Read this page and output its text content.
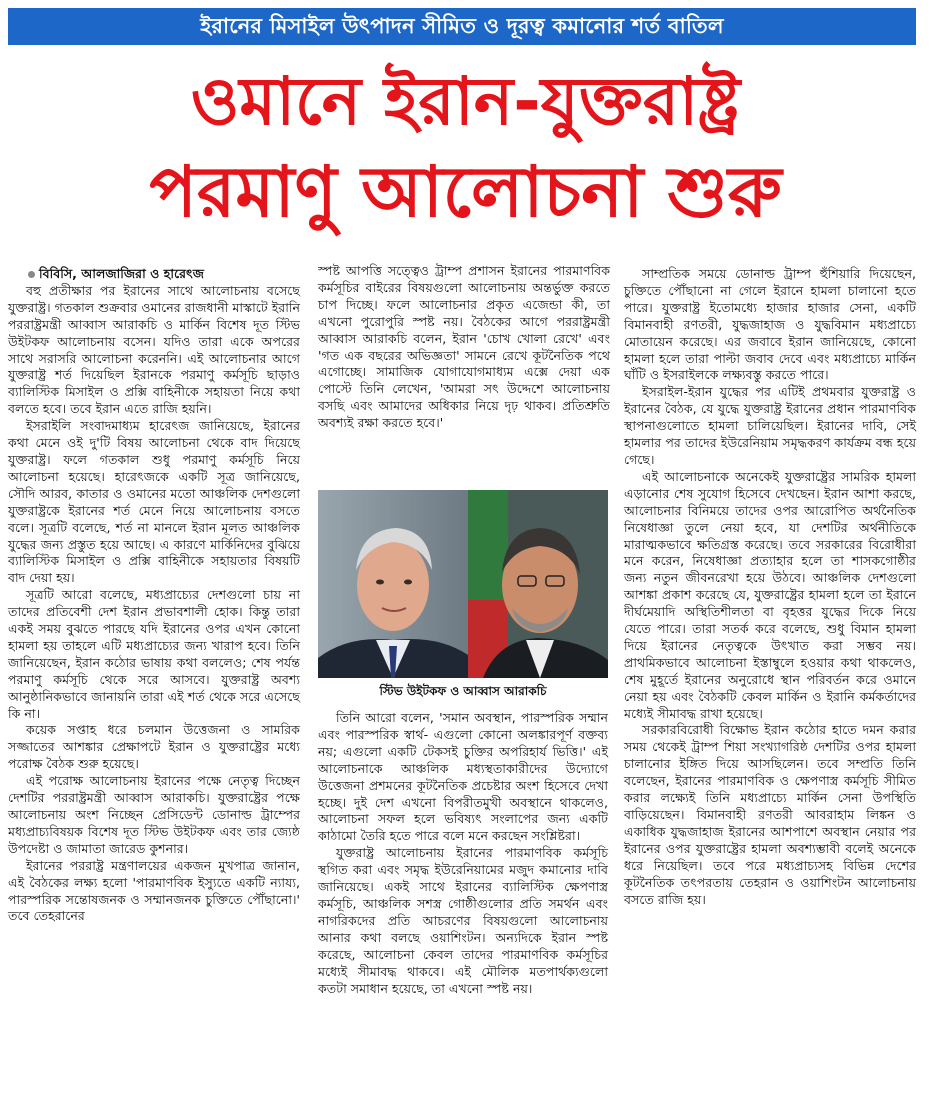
ইরানের মিসাইল উৎপাদন সীমিত ও দূরত্ব কমানোর শর্ত বাতিল
ওমানে ইরান-যুক্তরাষ্ট্র
পরমাণু আলোচনা শুরু

বিবিসি, আলজাজিরা ও হারেৎজ

বহু প্রতীক্ষার পর ইরানের সাথে আলোচনায় বসেছে যুক্তরাষ্ট্র। গতকাল শুক্রবার ওমানের রাজধানী মাস্কাটে ইরানি পররাষ্ট্রমন্ত্রী আব্বাস আরাকচি ও মার্কিন বিশেষ দূত স্টিভ উইটকফ আলোচনায় বসেন। যদিও তারা একে অপরের সাথে সরাসরি আলোচনা করেননি। এই আলোচনার আগে যুক্তরাষ্ট্র শর্ত দিয়েছিল ইরানকে পরমাণু কর্মসূচি ছাড়াও ব্যালিস্টিক মিসাইল ও প্রক্সি বাহিনীকে সহায়তা নিয়ে কথা বলতে হবে। তবে ইরান এতে রাজি হয়নি।

ইসরাইলি সংবাদমাধ্যম হারেৎজ জানিয়েছে, ইরানের কথা মেনে ওই দু'টি বিষয় আলোচনা থেকে বাদ দিয়েছে যুক্তরাষ্ট্র। ফলে গতকাল শুধু পরমাণু কর্মসূচি নিয়ে আলোচনা হয়েছে। হারেৎজকে একটি সূত্র জানিয়েছে, সৌদি আরব, কাতার ও ওমানের মতো আঞ্চলিক দেশগুলো যুক্তরাষ্ট্রকে ইরানের শর্ত মেনে নিয়ে আলোচনায় বসতে বলে। সূত্রটি বলেছে, শর্ত না মানলে ইরান মূলত আঞ্চলিক যুদ্ধের জন্য প্রস্তুত হয়ে আছে। এ কারণে মার্কিনিদের বুঝিয়ে ব্যালিস্টিক মিসাইল ও প্রক্সি বাহিনীকে সহায়তার বিষয়টি বাদ দেয়া হয়।

সূত্রটি আরো বলেছে, মধ্যপ্রাচ্যের দেশগুলো চায় না তাদের প্রতিবেশী দেশ ইরান প্রভাবশালী হোক। কিন্তু তারা একই সময় বুঝতে পারছে যদি ইরানের ওপর এখন কোনো হামলা হয় তাহলে এটি মধ্যপ্রাচ্যের জন্য খারাপ হবে। তিনি জানিয়েছেন, ইরান কঠোর ভাষায় কথা বললেও; শেষ পর্যন্ত পরমাণু কর্মসূচি থেকে সরে আসবে। যুক্তরাষ্ট্র অবশ্য আনুষ্ঠানিকভাবে জানায়নি তারা এই শর্ত থেকে সরে এসেছে কি না।

কয়েক সপ্তাহ ধরে চলমান উত্তেজনা ও সামরিক সজ্জাতের আশঙ্কার প্রেক্ষাপটে ইরান ও যুক্তরাষ্ট্রের মধ্যে পরোক্ষ বৈঠক শুরু হয়েছে।

এই পরোক্ষ আলোচনায় ইরানের পক্ষে নেতৃত্ব দিচ্ছেন দেশটির পররাষ্ট্রমন্ত্রী আব্বাস আরাকচি। যুক্তরাষ্ট্রের পক্ষে আলোচনায় অংশ নিচ্ছেন প্রেসিডেন্ট ডোনাল্ড ট্রাম্পের মধ্যপ্রাচ্যবিষয়ক বিশেষ দূত স্টিভ উইটকফ এবং তার জ্যেষ্ঠ উপদেষ্টা ও জামাতা জারেড কুশনার।

ইরানের পররাষ্ট্র মন্ত্রণালয়ের একজন মুখপাত্র জানান, এই বৈঠকের লক্ষ্য হলো 'পারমাণবিক ইস্যুতে একটি ন্যায্য, পারস্পরিক সন্তোষজনক ও সম্মানজনক চুক্তিতে পৌঁছানো।' তবে তেহরানের

স্পষ্ট আপত্তি সত্ত্বেও ট্রাম্প প্রশাসন ইরানের পারমাণবিক কর্মসূচির বাইরের বিষয়গুলো আলোচনায় অন্তর্ভুক্ত করতে চাপ দিচ্ছে। ফলে আলোচনার প্রকৃত এজেন্ডা কী, তা এখনো পুরোপুরি স্পষ্ট নয়। বৈঠকের আগে পররাষ্ট্রমন্ত্রী আব্বাস আরাকচি বলেন, ইরান 'চোখ খোলা রেখে' এবং 'গত এক বছরের অভিজ্ঞতা' সামনে রেখে কূটনৈতিক পথে এগোচ্ছে। সামাজিক যোগাযোগমাধ্যম এক্সে দেয়া এক পোস্টে তিনি লেখেন, 'আমরা সৎ উদ্দেশে আলোচনায় বসছি এবং আমাদের অধিকার নিয়ে দৃঢ় থাকব। প্রতিশ্রুতি অবশ্যই রক্ষা করতে হবে।'

স্টিভ উইটকফ ও আব্বাস আরাকচি

তিনি আরো বলেন, 'সমান অবস্থান, পারস্পরিক সম্মান এবং পারস্পরিক স্বার্থ- এগুলো কোনো অলঙ্কারপূর্ণ বক্তব্য নয়; এগুলো একটি টেকসই চুক্তির অপরিহার্য ভিত্তি।' এই আলোচনাকে আঞ্চলিক মধ্যস্থতাকারীদের উদ্যোগে উত্তেজনা প্রশমনের কূটনৈতিক প্রচেষ্টার অংশ হিসেবে দেখা হচ্ছে। দুই দেশ এখনো বিপরীতমুখী অবস্থানে থাকলেও, আলোচনা সফল হলে ভবিষ্যৎ সংলাপের জন্য একটি কাঠামো তৈরি হতে পারে বলে মনে করছেন সংশ্লিষ্টরা।

যুক্তরাষ্ট্র আলোচনায় ইরানের পারমাণবিক কর্মসূচি স্থগিত করা এবং সমৃদ্ধ ইউরেনিয়ামের মজুদ কমানোর দাবি জানিয়েছে। একই সাথে ইরানের ব্যালিস্টিক ক্ষেপণাস্ত্র কর্মসূচি, আঞ্চলিক সশস্ত্র গোষ্ঠীগুলোর প্রতি সমর্থন এবং নাগরিকদের প্রতি আচরণের বিষয়গুলো আলোচনায় আনার কথা বলছে ওয়াশিংটন। অন্যদিকে ইরান স্পষ্ট করেছে, আলোচনা কেবল তাদের পারমাণবিক কর্মসূচির মধ্যেই সীমাবদ্ধ থাকবে। এই মৌলিক মতপার্থক্যগুলো কতটা সমাধান হয়েছে, তা এখনো স্পষ্ট নয়।

সাম্প্রতিক সময়ে ডোনাল্ড ট্রাম্প হুঁশিয়ারি দিয়েছেন, চুক্তিতে পৌঁছানো না গেলে ইরানে হামলা চালানো হতে পারে। যুক্তরাষ্ট্র ইতোমধ্যে হাজার হাজার সেনা, একটি বিমানবাহী রণতরী, যুদ্ধজাহাজ ও যুদ্ধবিমান মধ্যপ্রাচ্যে মোতায়েন করেছে। এর জবাবে ইরান জানিয়েছে, কোনো হামলা হলে তারা পাল্টা জবাব দেবে এবং মধ্যপ্রাচ্যে মার্কিন ঘাঁটি ও ইসরাইলকে লক্ষ্যবস্তু করতে পারে।

ইসরাইল-ইরান যুদ্ধের পর এটিই প্রথমবার যুক্তরাষ্ট্র ও ইরানের বৈঠক, যে যুদ্ধে যুক্তরাষ্ট্র ইরানের প্রধান পারমাণবিক স্থাপনাগুলোতে হামলা চালিয়েছিল। ইরানের দাবি, সেই হামলার পর তাদের ইউরেনিয়াম সমৃদ্ধকরণ কার্যক্রম বন্ধ হয়ে গেছে।

এই আলোচনাকে অনেকেই যুক্তরাষ্ট্রের সামরিক হামলা এড়ানোর শেষ সুযোগ হিসেবে দেখছেন। ইরান আশা করছে, আলোচনার বিনিময়ে তাদের ওপর আরোপিত অর্থনৈতিক নিষেধাজ্ঞা তুলে নেয়া হবে, যা দেশটির অর্থনীতিকে মারাত্মকভাবে ক্ষতিগ্রস্ত করেছে। তবে সরকারের বিরোধীরা মনে করেন, নিষেধাজ্ঞা প্রত্যাহার হলে তা শাসকগোষ্ঠীর জন্য নতুন জীবনরেখা হয়ে উঠবে। আঞ্চলিক দেশগুলো আশঙ্কা প্রকাশ করেছে যে, যুক্তরাষ্ট্রের হামলা হলে তা ইরানে দীর্ঘমেয়াদি অস্থিতিশীলতা বা বৃহত্তর যুদ্ধের দিকে নিয়ে যেতে পারে। তারা সতর্ক করে বলেছে, শুধু বিমান হামলা দিয়ে ইরানের নেতৃত্বকে উৎখাত করা সম্ভব নয়। প্রাথমিকভাবে আলোচনা ইস্তাম্বুলে হওয়ার কথা থাকলেও, শেষ মুহূর্তে ইরানের অনুরোধে স্থান পরিবর্তন করে ওমানে নেয়া হয় এবং বৈঠকটি কেবল মার্কিন ও ইরানি কর্মকর্তাদের মধ্যেই সীমাবদ্ধ রাখা হয়েছে।

সরকারবিরোধী বিক্ষোভ ইরান কঠোর হাতে দমন করার সময় থেকেই ট্রাম্প শিয়া সংখ্যাগরিষ্ঠ দেশটির ওপর হামলা চালানোর ইঙ্গিত দিয়ে আসছিলেন। তবে সম্প্রতি তিনি বলেছেন, ইরানের পারমাণবিক ও ক্ষেপণাস্ত্র কর্মসূচি সীমিত করার লক্ষ্যেই তিনি মধ্যপ্রাচ্যে মার্কিন সেনা উপস্থিতি বাড়িয়েছেন। বিমানবাহী রণতরী আবরাহাম লিঙ্কন ও একাধিক যুদ্ধজাহাজ ইরানের আশপাশে অবস্থান নেয়ার পর ইরানের ওপর যুক্তরাষ্ট্রের হামলা অবশ্যম্ভাবী বলেই অনেকে ধরে নিয়েছিল। তবে পরে মধ্যপ্রাচ্যসহ বিভিন্ন দেশের কূটনৈতিক তৎপরতায় তেহরান ও ওয়াশিংটন আলোচনায় বসতে রাজি হয়।
